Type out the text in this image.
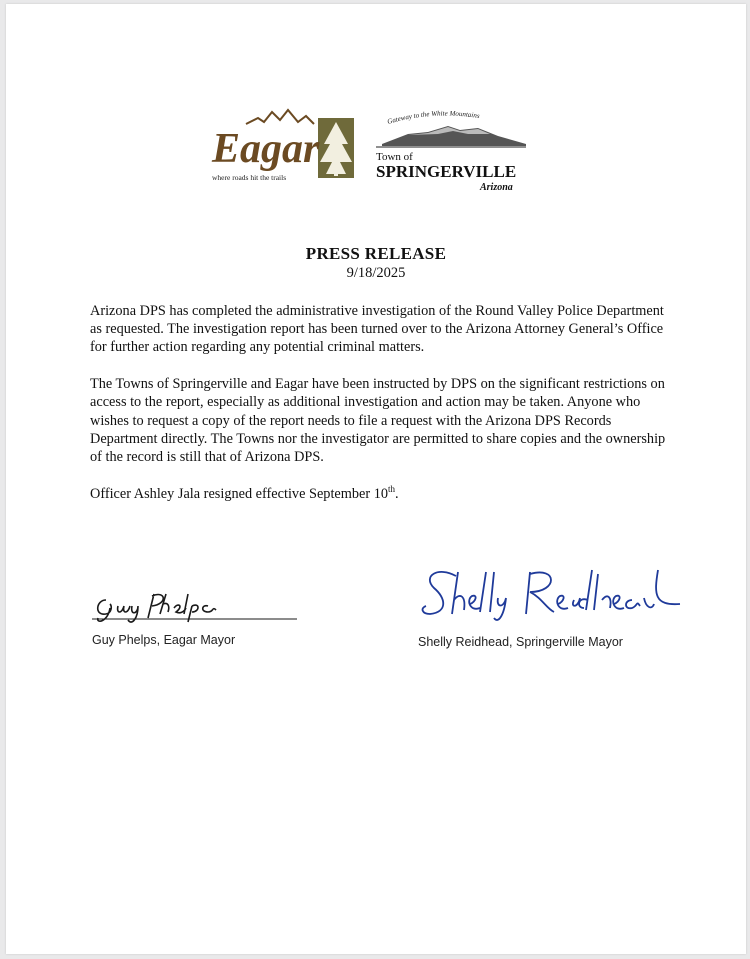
Eagar
where roads hit the trails
Gateway to the White Mountains
Town of
SPRINGERVILLE
Arizona
PRESS RELEASE
9/18/2025

Arizona DPS has completed the administrative investigation of the Round Valley Police Department as requested. The investigation report has been turned over to the Arizona Attorney General’s Office for further action regarding any potential criminal matters.

The Towns of Springerville and Eagar have been instructed by DPS on the significant restrictions on access to the report, especially as additional investigation and action may be taken. Anyone who wishes to request a copy of the report needs to file a request with the Arizona DPS Records Department directly. The Towns nor the investigator are permitted to share copies and the ownership of the record is still that of Arizona DPS.

Officer Ashley Jala resigned effective September 10th.

Guy Phelps, Eagar Mayor	Shelly Reidhead, Springerville Mayor
